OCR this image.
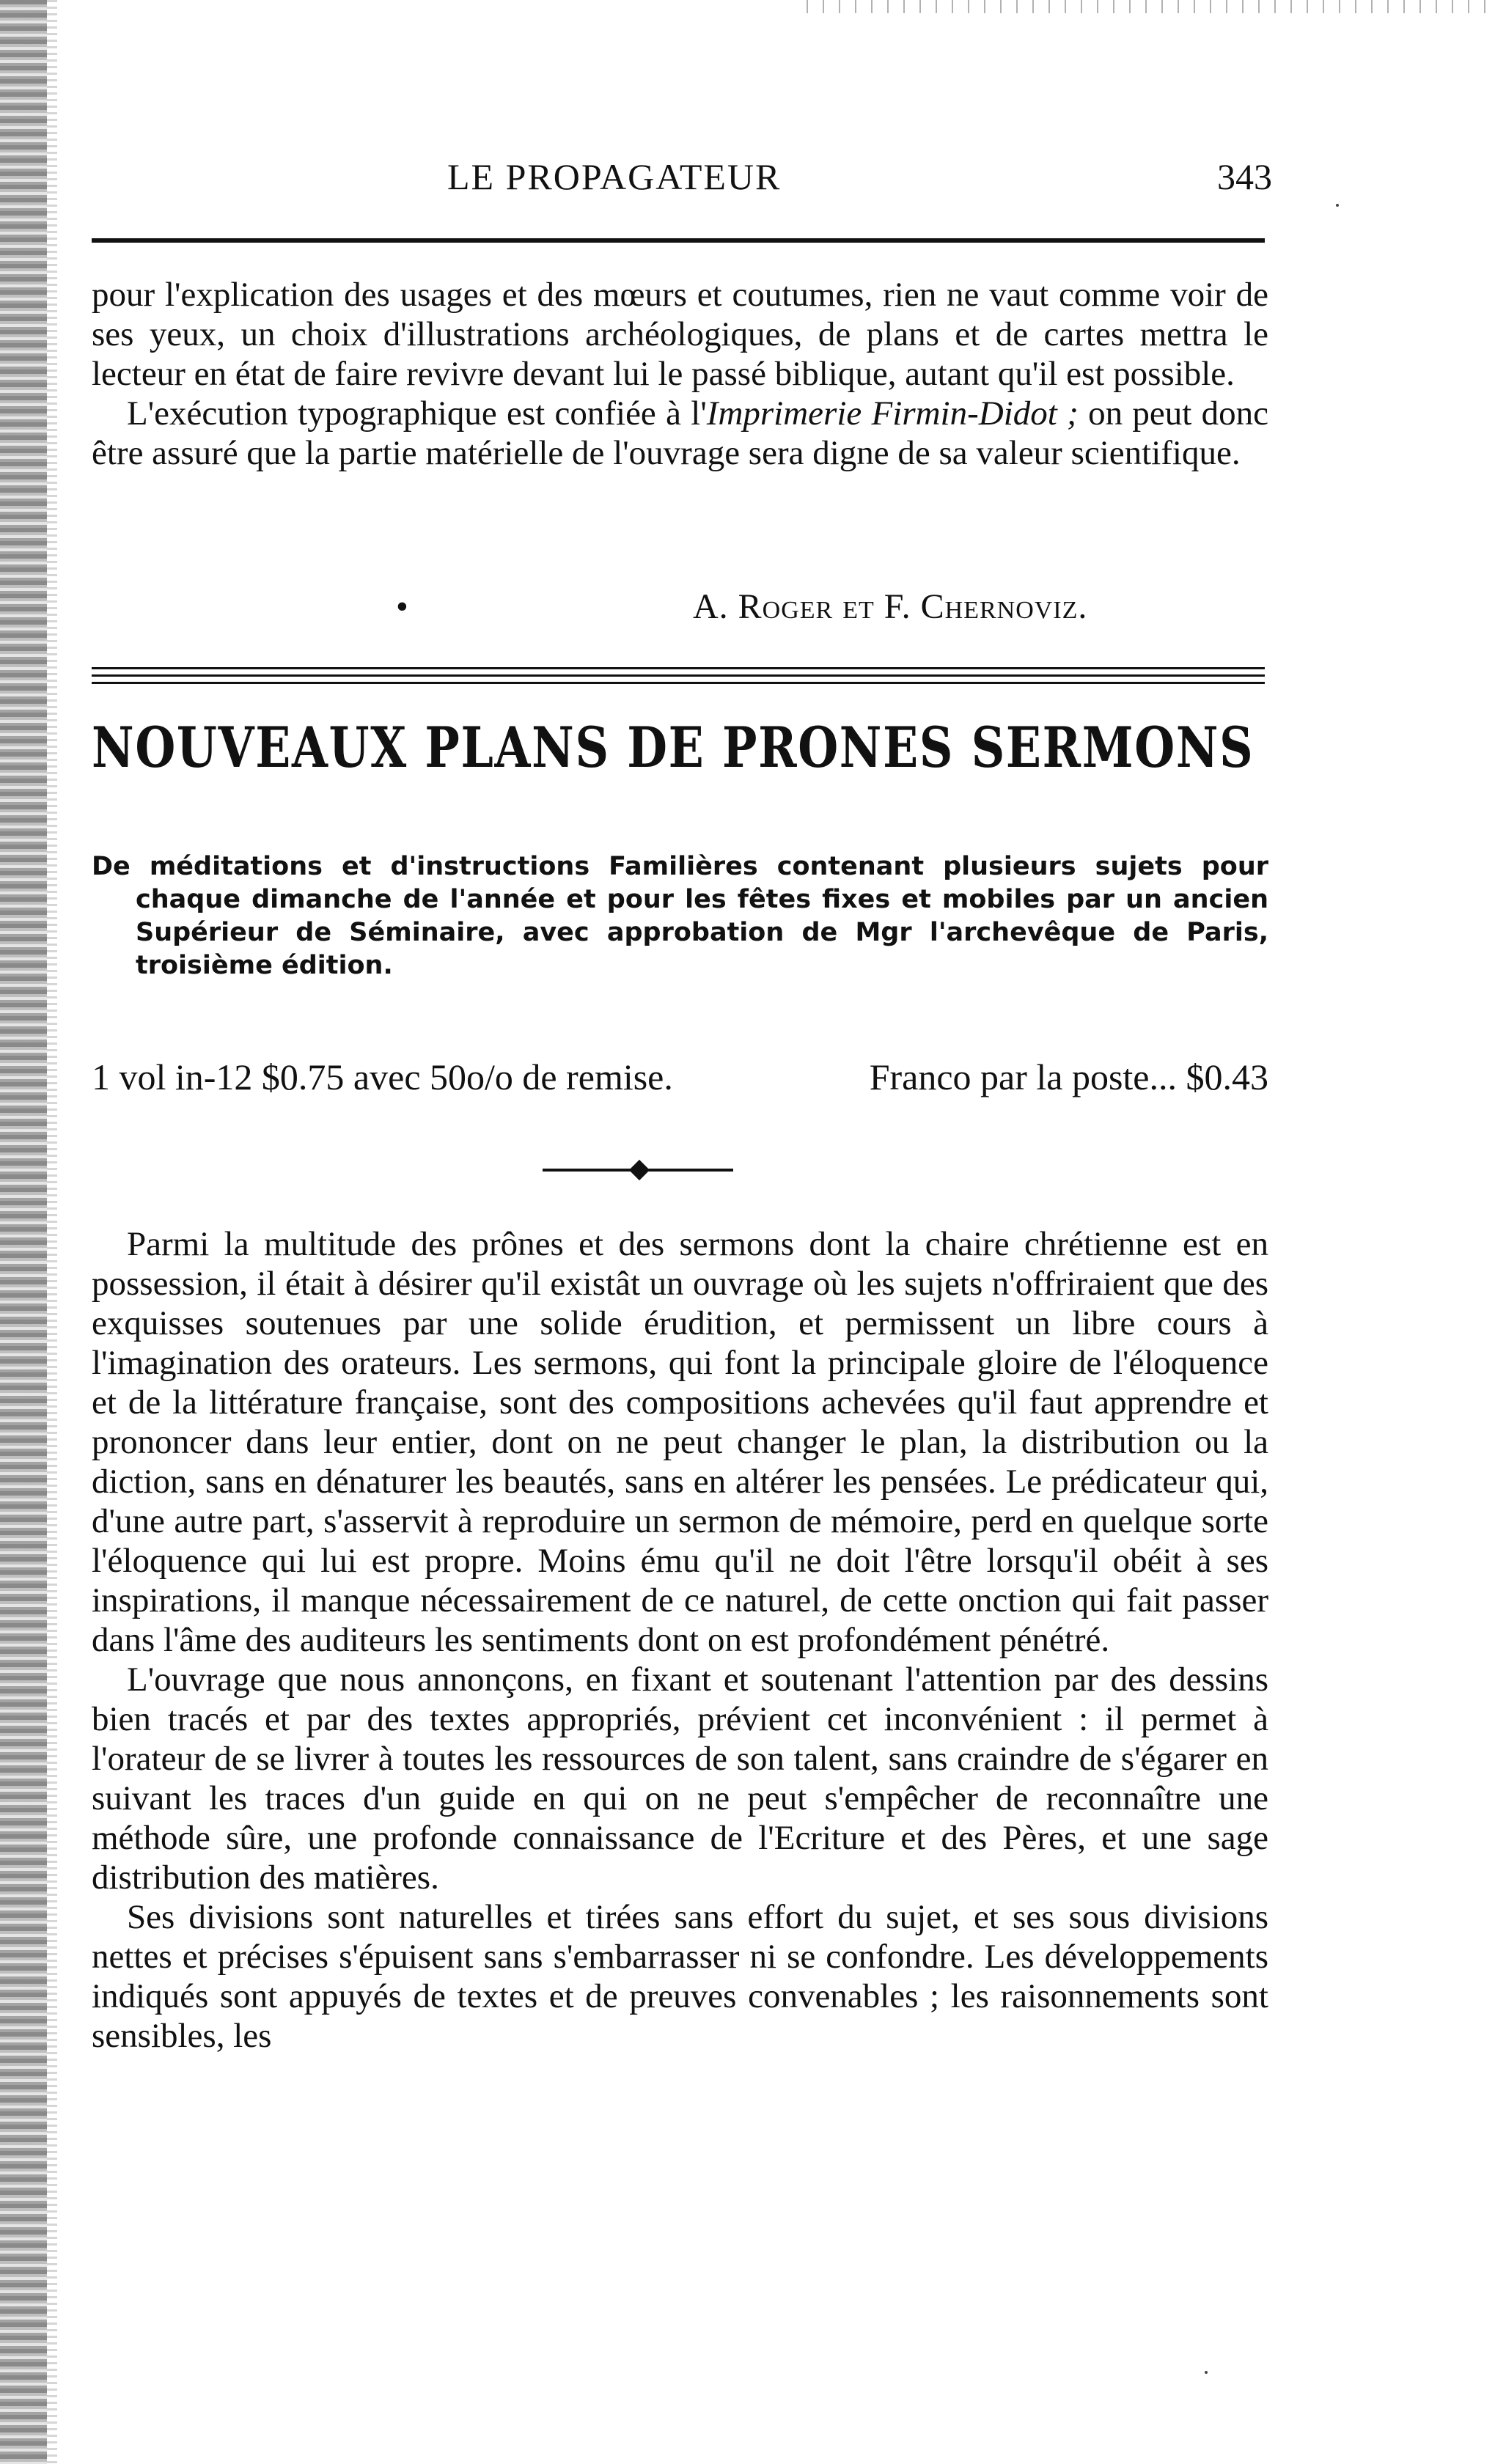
LE PROPAGATEUR	343

pour l'explication des usages et des mœurs et coutumes, rien ne vaut comme voir de ses yeux, un choix d'illustrations archéologiques, de plans et de cartes mettra le lecteur en état de faire revivre devant lui le passé biblique, autant qu'il est possible.

L'exécution typographique est confiée à l'Imprimerie Firmin-Didot ; on peut donc être assuré que la partie matérielle de l'ouvrage sera digne de sa valeur scientifique.

•	A. Roger et F. Chernoviz.
NOUVEAUX PLANS DE PRONES SERMONS
De méditations et d'instructions Familières contenant plusieurs sujets pour chaque dimanche de l'année et pour les fêtes fixes et mobiles par un ancien Supérieur de Séminaire, avec approbation de Mgr l'archevêque de Paris, troisième édition.
1 vol in-12 $0.75 avec 50o/o de remise.	Franco par la poste... $0.43

Parmi la multitude des prônes et des sermons dont la chaire chrétienne est en possession, il était à désirer qu'il existât un ouvrage où les sujets n'offriraient que des exquisses soutenues par une solide érudition, et permissent un libre cours à l'imagination des orateurs. Les sermons, qui font la principale gloire de l'éloquence et de la littérature française, sont des compositions achevées qu'il faut apprendre et prononcer dans leur entier, dont on ne peut changer le plan, la distribution ou la diction, sans en dénaturer les beautés, sans en altérer les pensées. Le prédicateur qui, d'une autre part, s'asservit à reproduire un sermon de mémoire, perd en quelque sorte l'éloquence qui lui est propre. Moins ému qu'il ne doit l'être lorsqu'il obéit à ses inspirations, il manque nécessairement de ce naturel, de cette onction qui fait passer dans l'âme des auditeurs les sentiments dont on est profondément pénétré.

L'ouvrage que nous annonçons, en fixant et soutenant l'attention par des dessins bien tracés et par des textes appropriés, prévient cet inconvénient : il permet à l'orateur de se livrer à toutes les ressources de son talent, sans craindre de s'égarer en suivant les traces d'un guide en qui on ne peut s'empêcher de reconnaître une méthode sûre, une profonde connaissance de l'Ecriture et des Pères, et une sage distribution des matières.

Ses divisions sont naturelles et tirées sans effort du sujet, et ses sous divisions nettes et précises s'épuisent sans s'embarrasser ni se confondre. Les développements indiqués sont appuyés de textes et de preuves convenables ; les raisonnements sont sensibles, les
